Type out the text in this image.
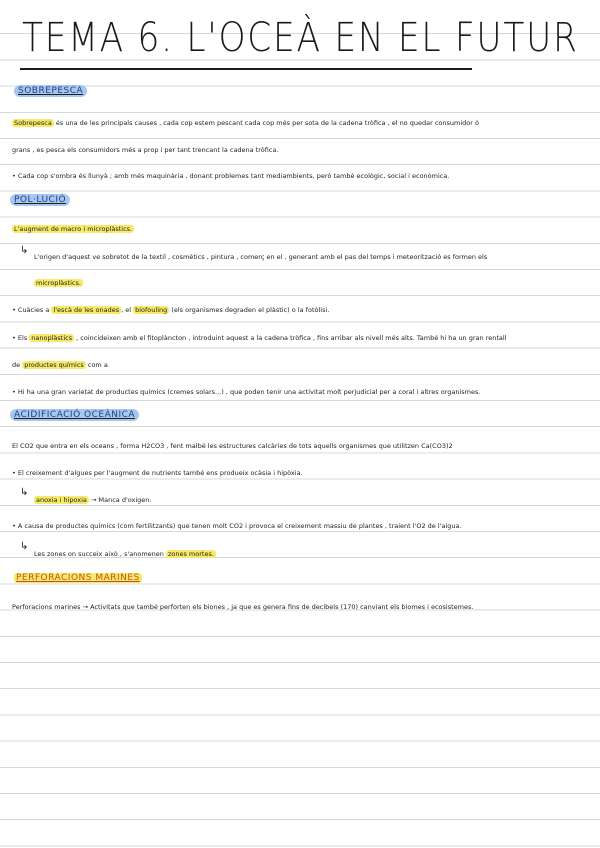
TEMA 6. L'OCEÀ EN EL FUTUR
SOBREPESCA
Sobrepesca és una de les principals causes , cada cop estem pescant cada cop més per sota de la cadena tròfica , el no quedar consumidor ó
grans , es pesca els consumidors més a prop i per tant trencant la cadena tròfica.
• Cada cop s'ombra és llunyà ; amb més maquinària , donant problemes tant mediambients, però també ecològic, social i econòmica.
POL·LUCIÓ
L'augment de macro i microplàstics.
↳
L'origen d'aquest ve sobretot de la textil , cosmètics , pintura , comerç en el , generant amb el pas del temps i meteorització es formen els
microplàstics.
• Cuàcies a l'escà de les onades , el biofouling (els organismes degraden el plàstic) o la fotòlisi.
• Els nanoplàstics , coincideixen amb el fitoplàncton , introduint aquest a la cadena tròfica , fins arribar als nivell més alts. També hi ha un gran rentall
de productes químics com a
• Hi ha una gran varietat de productes químics (cremes solars...) , que poden tenir una activitat molt perjudicial per a coral i altres organismes.
ACIDIFICACIÓ OCEÀNICA
El CO2 que entra en els oceans , forma H2CO3 , fent malbé les estructures calcàries de tots aquells organismes que utilitzen Ca(CO3)2
• El creixement d'algues per l'augment de nutrients també ens produeix ocàsia i hipòxia.
↳
anoxia i hipoxia → Manca d'oxigen.
• A causa de productes químics (com fertilitzants) que tenen molt CO2 i provoca el creixement massiu de plantes , traient l'O2 de l'aigua.
↳
Les zones on succeix això , s'anomenen zones mortes.
PERFORACIONS MARINES
Perforacions marines → Activitats que també perforten els biones , ja que es genera fins de decibels (170) canviant els biomes i ecosistemes.
